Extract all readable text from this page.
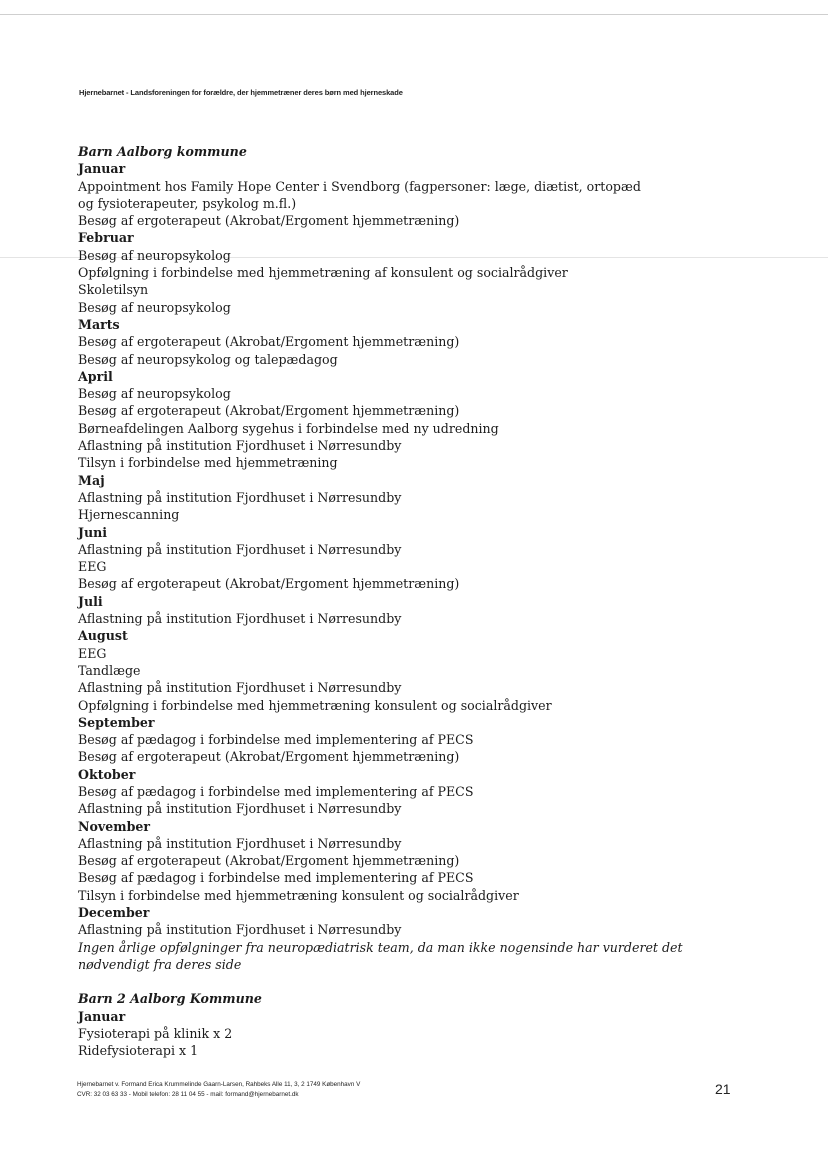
Hjernebarnet - Landsforeningen for forældre, der hjemmetræner deres børn med hjerneskade
Barn Aalborg kommune
Januar
Appointment hos Family Hope Center i Svendborg (fagpersoner: læge, diætist, ortopæd og fysioterapeuter, psykolog m.fl.)
Besøg af ergoterapeut (Akrobat/Ergoment hjemmetræning)
Februar
Besøg af neuropsykolog
Opfølgning i forbindelse med hjemmetræning af konsulent og socialrådgiver
Skoletilsyn
Besøg af neuropsykolog
Marts
Besøg af ergoterapeut (Akrobat/Ergoment hjemmetræning)
Besøg af neuropsykolog og talepædagog
April
Besøg af neuropsykolog
Besøg af ergoterapeut (Akrobat/Ergoment hjemmetræning)
Børneafdelingen Aalborg sygehus i forbindelse med ny udredning
Aflastning på institution Fjordhuset i Nørresundby
Tilsyn i forbindelse med hjemmetræning
Maj
Aflastning på institution Fjordhuset i Nørresundby
Hjernescanning
Juni
Aflastning på institution Fjordhuset i Nørresundby
EEG
Besøg af ergoterapeut (Akrobat/Ergoment hjemmetræning)
Juli
Aflastning på institution Fjordhuset i Nørresundby
August
EEG
Tandlæge
Aflastning på institution Fjordhuset i Nørresundby
Opfølgning i forbindelse med hjemmetræning konsulent og socialrådgiver
September
Besøg af pædagog i forbindelse med implementering af PECS
Besøg af ergoterapeut (Akrobat/Ergoment hjemmetræning)
Oktober
Besøg af pædagog i forbindelse med implementering af PECS
Aflastning på institution Fjordhuset i Nørresundby
November
Aflastning på institution Fjordhuset i Nørresundby
Besøg af ergoterapeut (Akrobat/Ergoment hjemmetræning)
Besøg af pædagog i forbindelse med implementering af PECS
Tilsyn i forbindelse med hjemmetræning konsulent og socialrådgiver
December
Aflastning på institution Fjordhuset i Nørresundby
Ingen årlige opfølgninger fra neuropædiatrisk team, da man ikke nogensinde har vurderet det nødvendigt fra deres side
Barn 2 Aalborg Kommune
Januar
Fysioterapi på klinik x 2
Ridefysioterapi x 1
Hjernebarnet v. Formand Erica Krummelinde Gaarn-Larsen, Rahbeks Alle 11, 3, 2 1749 København V
CVR: 32 03 63 33 - Mobil telefon: 28 11 04 55 - mail: formand@hjernebarnet.dk	21
